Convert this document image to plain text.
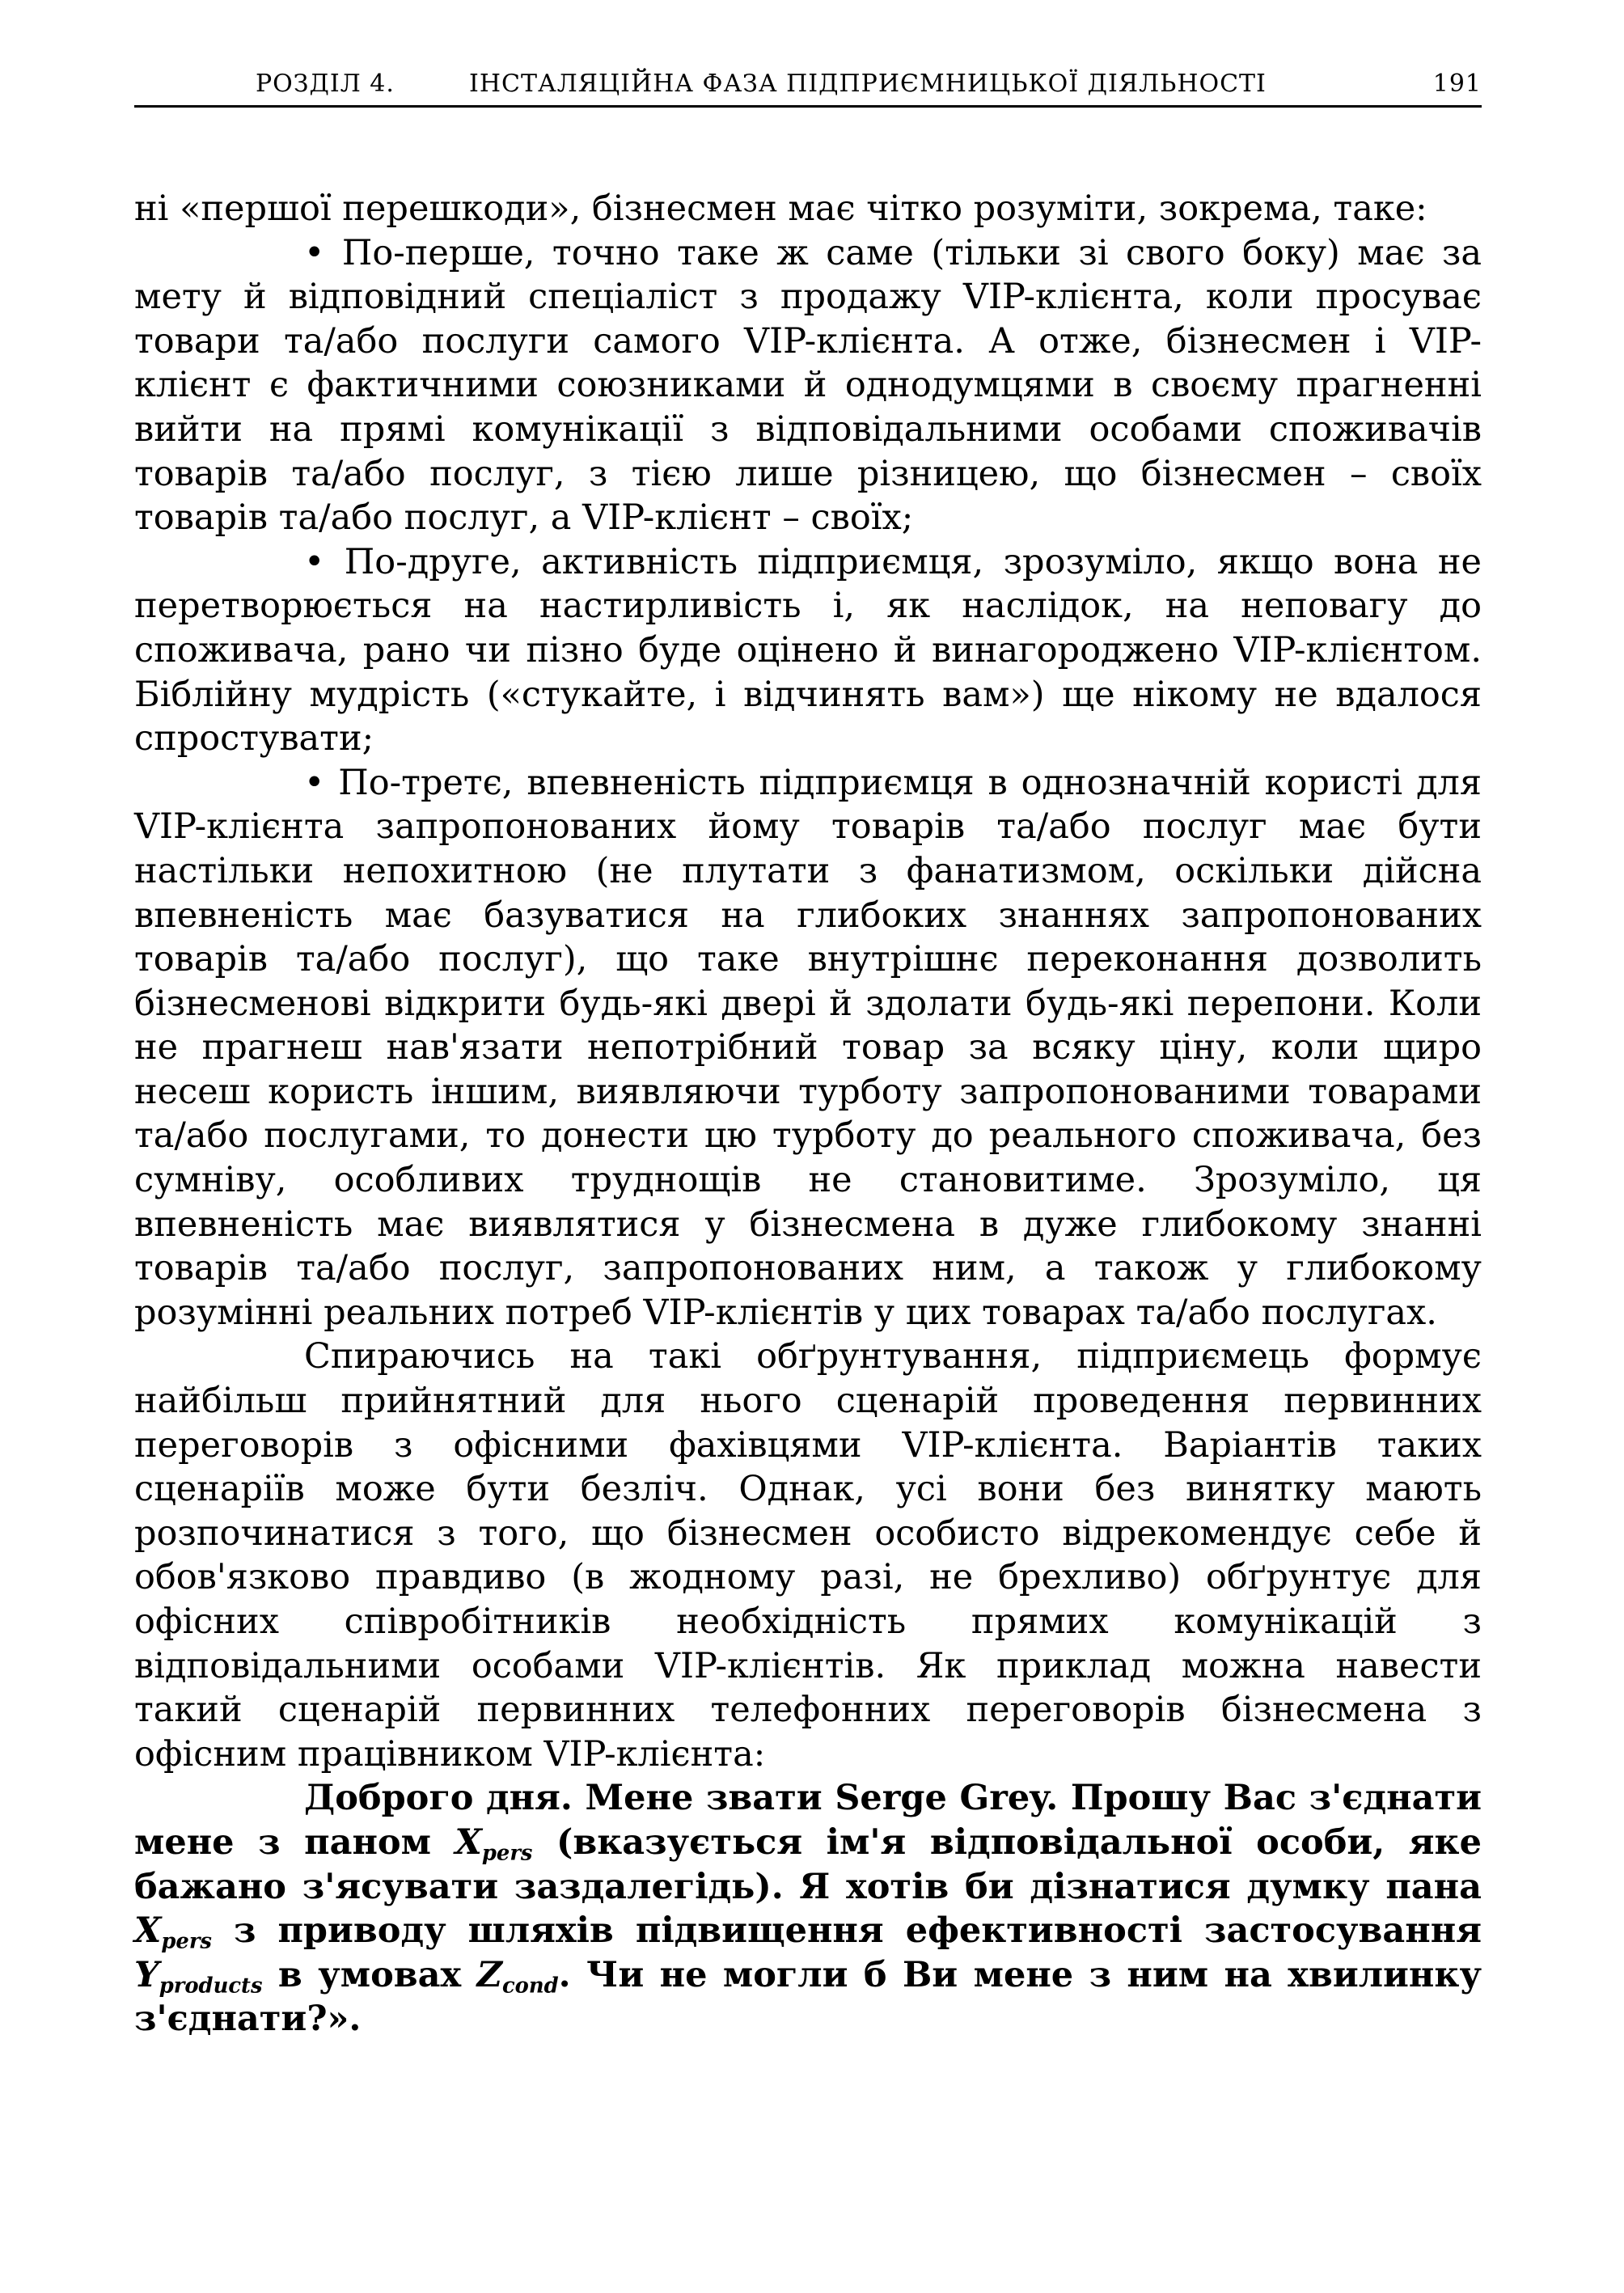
РОЗДІЛ 4.	ІНСТАЛЯЦІЙНА ФАЗА ПІДПРИЄМНИЦЬКОЇ ДІЯЛЬНОСТІ	191

ні «першої перешкоди», бізнесмен має чітко розуміти, зокрема, таке:

• По-перше, точно таке ж саме (тільки зі свого боку) має за мету й відповідний спеціаліст з продажу VIP-клієнта, коли просуває товари та/або послуги самого VIP-клієнта. А отже, бізнесмен і VIP-клієнт є фактичними союзниками й однодумцями в своєму прагненні вийти на прямі комунікації з відповідальними особами споживачів товарів та/або послуг, з тією лише різницею, що бізнесмен – своїх товарів та/або послуг, а VIP-клієнт – своїх;

• По-друге, активність підприємця, зрозуміло, якщо вона не перетворюється на настирливість і, як наслідок, на неповагу до споживача, рано чи пізно буде оцінено й винагороджено VIP-клієнтом. Біблійну мудрість («стукайте, і відчинять вам») ще нікому не вдалося спростувати;

• По-третє, впевненість підприємця в однозначній користі для VIP-клієнта запропонованих йому товарів та/або послуг має бути настільки непохитною (не плутати з фанатизмом, оскільки дійсна впевненість має базуватися на глибоких знаннях запропонованих товарів та/або послуг), що таке внутрішнє переконання дозволить бізнесменові відкрити будь-які двері й здолати будь-які перепони. Коли не прагнеш нав'язати непотрібний товар за всяку ціну, коли щиро несеш користь іншим, виявляючи турботу запропонованими товарами та/або послугами, то донести цю турботу до реального споживача, без сумніву, особливих труднощів не становитиме. Зрозуміло, ця впевненість має виявлятися у бізнесмена в дуже глибокому знанні товарів та/або послуг, запропонованих ним, а також у глибокому розумінні реальних потреб VIP-клієнтів у цих товарах та/або послугах.

Спираючись на такі обґрунтування, підприємець формує найбільш прийнятний для нього сценарій проведення первинних переговорів з офісними фахівцями VIP-клієнта. Варіантів таких сценаріїв може бути безліч. Однак, усі вони без винятку мають розпочинатися з того, що бізнесмен особисто відрекомендує себе й обов'язково правдиво (в жодному разі, не брехливо) обґрунтує для офісних співробітників необхідність прямих комунікацій з відповідальними особами VIP-клієнтів. Як приклад можна навести такий сценарій первинних телефонних переговорів бізнесмена з офісним працівником VIP-клієнта:

Доброго дня. Мене звати Serge Grey. Прошу Вас з'єднати мене з паном $X_{pers}$ (вказується ім'я відповідальної особи, яке бажано з'ясувати заздалегідь). Я хотів би дізнатися думку пана $X_{pers}$ з приводу шляхів підвищення ефективності застосування $Y_{products}$ в умовах $Z_{cond}$. Чи не могли б Ви мене з ним на хвилинку з'єднати?».
